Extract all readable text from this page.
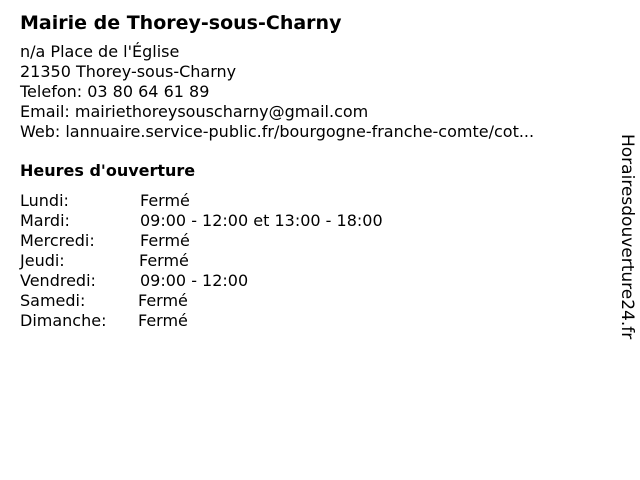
Mairie de Thorey-sous-Charny
n/a Place de l'Église
21350 Thorey-sous-Charny
Telefon: 03 80 64 61 89
Email: mairiethoreysouscharny@gmail.com
Web: lannuaire.service-public.fr/bourgogne-franche-comte/cot...
Heures d'ouverture
Lundi:	Fermé
Mardi:	09:00 - 12:00 et 13:00 - 18:00
Mercredi:	Fermé
Jeudi:	Fermé
Vendredi:	09:00 - 12:00
Samedi:	Fermé
Dimanche: Fermé	Horairesdouverture24.fr
